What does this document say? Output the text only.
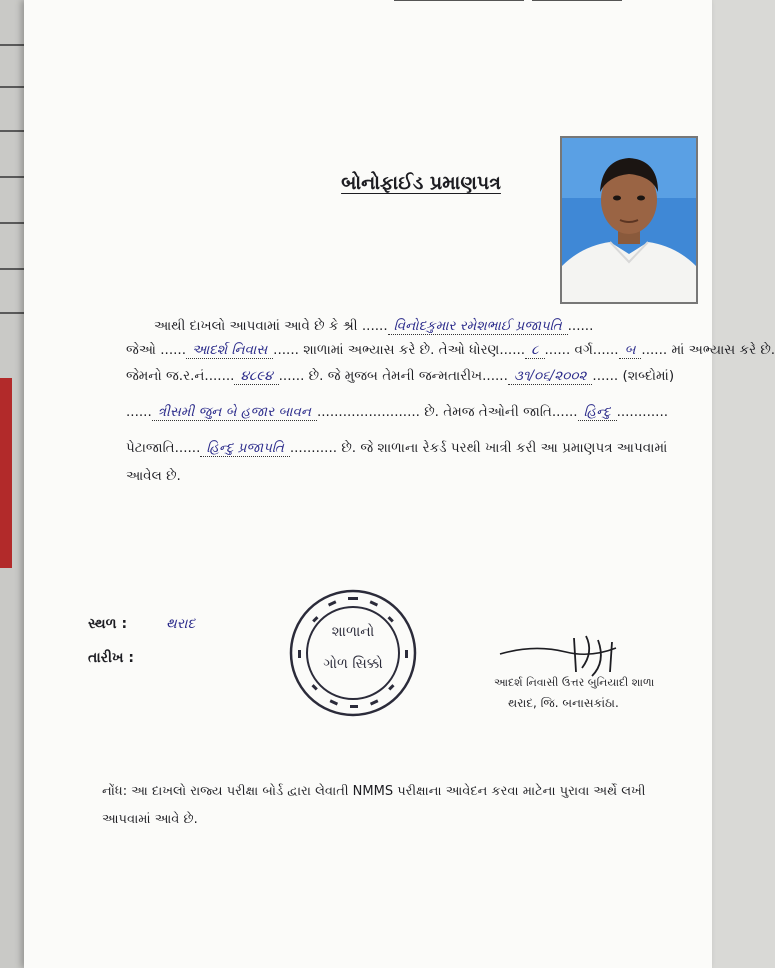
બોનોફાઈડ પ્રમાણપત્ર
આથી દાખલો આપવામાં આવે છે કે શ્રી ...... વિનોદકુમાર રમેશભાઈ પ્રજાપતિ ......
જેઓ ...... આદર્શ નિવાસ ...... શાળામાં અભ્યાસ કરે છે. તેઓ ધોરણ...... ૮ ...... વર્ગ...... બ ...... માં અભ્યાસ કરે છે.
જેમનો જ.ર.નં....... ૪૮૯૪ ...... છે. જે મુજબ તેમની જન્મતારીખ...... ૩૧/૦૬/૨૦૦૨ ...... (શબ્દોમાં)
...... ત્રીસમી જુન બે હજાર બાવન ........................ છે. તેમજ તેઓની જાતિ...... હિન્દુ ............
પેટાજાતિ...... હિન્દુ પ્રજાપતિ ........... છે. જે શાળાના રેકર્ડ પરથી ખાત્રી કરી આ પ્રમાણપત્ર આપવામાં
આવેલ છે.
સ્થળ :	થરાદ
તારીખ :
શાળાનો
ગોળ સિક્કો
આદર્શ નિવાસી ઉત્તર બુનિયાદી શાળા
થરાદ, જિ. બનાસકાંઠા.
નોંધ: આ દાખલો રાજ્ય પરીક્ષા બોર્ડ દ્વારા લેવાતી NMMS પરીક્ષાના આવેદન કરવા માટેના પુરાવા અર્થે લખી આપવામાં આવે છે.
